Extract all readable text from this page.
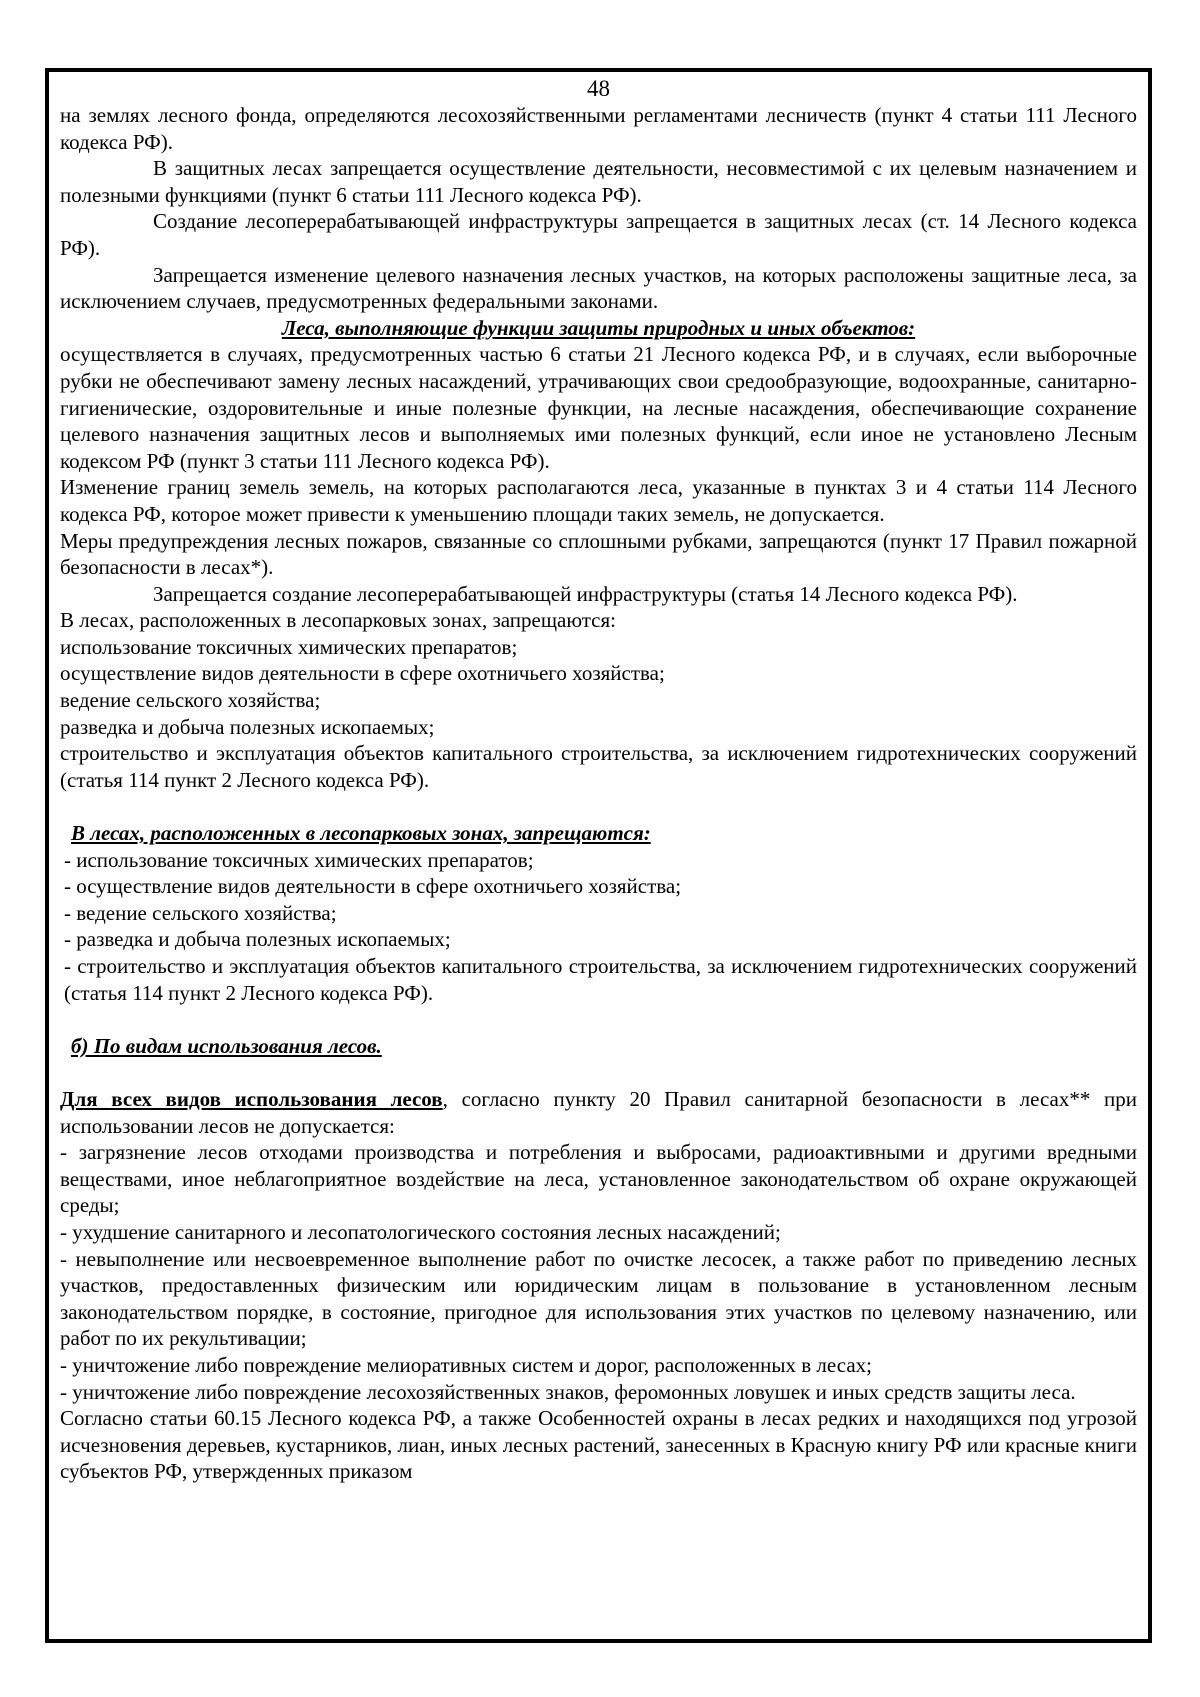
48

на землях лесного фонда, определяются лесохозяйственными регламентами лесничеств (пункт 4 статьи 111 Лесного кодекса РФ).

В защитных лесах запрещается осуществление деятельности, несовместимой с их целевым назначением и полезными функциями (пункт 6 статьи 111 Лесного кодекса РФ).

Создание лесоперерабатывающей инфраструктуры запрещается в защитных лесах (ст. 14 Лесного кодекса РФ).

Запрещается изменение целевого назначения лесных участков, на которых расположены защитные леса, за исключением случаев, предусмотренных федеральными законами.

Леса, выполняющие функции защиты природных и иных объектов:

осуществляется в случаях, предусмотренных частью 6 статьи 21 Лесного кодекса РФ, и в случаях, если выборочные рубки не обеспечивают замену лесных насаждений, утрачивающих свои средообразующие, водоохранные, санитарно-гигиенические, оздоровительные и иные полезные функции, на лесные насаждения, обеспечивающие сохранение целевого назначения защитных лесов и выполняемых ими полезных функций, если иное не установлено Лесным кодексом РФ (пункт 3 статьи 111 Лесного кодекса РФ).

Изменение границ земель земель, на которых располагаются леса, указанные в пунктах 3 и 4 статьи 114 Лесного кодекса РФ, которое может привести к уменьшению площади таких земель, не допускается.

Меры предупреждения лесных пожаров, связанные со сплошными рубками, запрещаются (пункт 17 Правил пожарной безопасности в лесах*).

Запрещается создание лесоперерабатывающей инфраструктуры (статья 14 Лесного кодекса РФ).

В лесах, расположенных в лесопарковых зонах, запрещаются:

использование токсичных химических препаратов;

осуществление видов деятельности в сфере охотничьего хозяйства;

ведение сельского хозяйства;

разведка и добыча полезных ископаемых;

строительство и эксплуатация объектов капитального строительства, за исключением гидротехнических сооружений (статья 114 пункт 2 Лесного кодекса РФ).

В лесах, расположенных в лесопарковых зонах, запрещаются:

- использование токсичных химических препаратов;

- осуществление видов деятельности в сфере охотничьего хозяйства;

- ведение сельского хозяйства;

- разведка и добыча полезных ископаемых;

- строительство и эксплуатация объектов капитального строительства, за исключением гидротехнических сооружений (статья 114 пункт 2 Лесного кодекса РФ).

б) По видам использования лесов.

Для всех видов использования лесов, согласно пункту 20 Правил санитарной безопасности в лесах** при использовании лесов не допускается:

- загрязнение лесов отходами производства и потребления и выбросами, радиоактивными и другими вредными веществами, иное неблагоприятное воздействие на леса, установленное законодательством об охране окружающей среды;

- ухудшение санитарного и лесопатологического состояния лесных насаждений;

- невыполнение или несвоевременное выполнение работ по очистке лесосек, а также работ по приведению лесных участков, предоставленных физическим или юридическим лицам в пользование в установленном лесным законодательством порядке, в состояние, пригодное для использования этих участков по целевому назначению, или работ по их рекультивации;

- уничтожение либо повреждение мелиоративных систем и дорог, расположенных в лесах;

- уничтожение либо повреждение лесохозяйственных знаков, феромонных ловушек и иных средств защиты леса.

Согласно статьи 60.15 Лесного кодекса РФ, а также Особенностей охраны в лесах редких и находящихся под угрозой исчезновения деревьев, кустарников, лиан, иных лесных растений, занесенных в Красную книгу РФ или красные книги субъектов РФ, утвержденных приказом
